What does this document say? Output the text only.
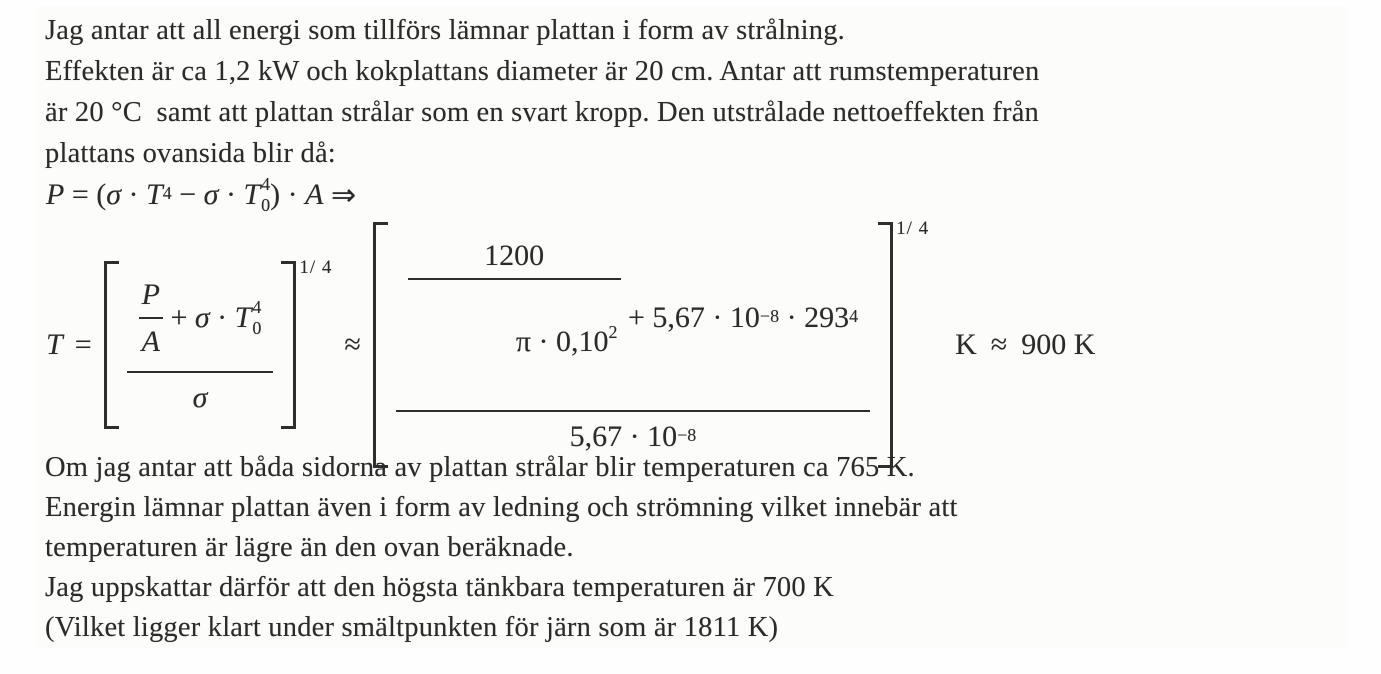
Jag antar att all energi som tillförs lämnar plattan i form av strålning.
Effekten är ca 1,2 kW och kokplattans diameter är 20 cm. Antar att rumstemperaturen
är 20 °C  samt att plattan strålar som en svart kropp. Den utstrålade nettoeffekten från
plattans ovansida blir då:
P = ( $\sigma \cdot T^4 - \sigma \cdot T$ 4
0 ) · A ⇒
$T = \frac{P}{A} + \sigma \cdot T$ 4
0
σ
1/ 4
≈ $\frac{1200}{\pi \cdot 0,10^2}$
+ $5,67 \cdot 10^{-8} \cdot 293^4$
$5,67 \cdot 10^{-8}$
1/ 4
K ≈ 900 K
Om jag antar att båda sidorna av plattan strålar blir temperaturen ca 765 K.
Energin lämnar plattan även i form av ledning och strömning vilket innebär att
temperaturen är lägre än den ovan beräknade.
Jag uppskattar därför att den högsta tänkbara temperaturen är 700 K
(Vilket ligger klart under smältpunkten för järn som är 1811 K)
